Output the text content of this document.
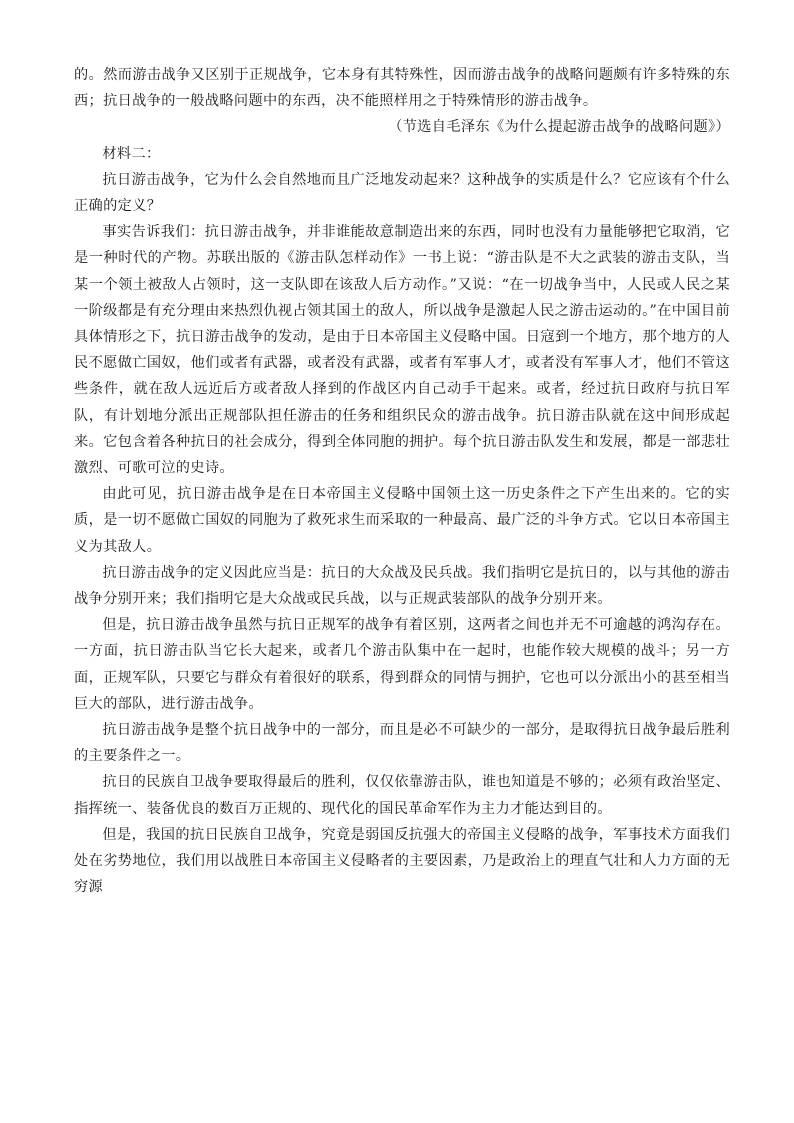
的。然而游击战争又区别于正规战争，它本身有其特殊性，因而游击战争的战略问题颇有许多特殊的东西；抗日战争的一般战略问题中的东西，决不能照样用之于特殊情形的游击战争。

（节选自毛泽东《为什么提起游击战争的战略问题》）

材料二：

抗日游击战争，它为什么会自然地而且广泛地发动起来？这种战争的实质是什么？它应该有个什么正确的定义？

事实告诉我们：抗日游击战争，并非谁能故意制造出来的东西，同时也没有力量能够把它取消，它是一种时代的产物。苏联出版的《游击队怎样动作》一书上说：“游击队是不大之武装的游击支队，当某一个领土被敌人占领时，这一支队即在该敌人后方动作。”又说：“在一切战争当中，人民或人民之某一阶级都是有充分理由来热烈仇视占领其国土的敌人，所以战争是激起人民之游击运动的。”在中国目前具体情形之下，抗日游击战争的发动，是由于日本帝国主义侵略中国。日寇到一个地方，那个地方的人民不愿做亡国奴，他们或者有武器，或者没有武器，或者有军事人才，或者没有军事人才，他们不管这些条件，就在敌人远近后方或者敌人择到的作战区内自己动手干起来。或者，经过抗日政府与抗日军队，有计划地分派出正规部队担任游击的任务和组织民众的游击战争。抗日游击队就在这中间形成起来。它包含着各种抗日的社会成分，得到全体同胞的拥护。每个抗日游击队发生和发展，都是一部悲壮激烈、可歌可泣的史诗。

由此可见，抗日游击战争是在日本帝国主义侵略中国领土这一历史条件之下产生出来的。它的实质，是一切不愿做亡国奴的同胞为了救死求生而采取的一种最高、最广泛的斗争方式。它以日本帝国主义为其敌人。

抗日游击战争的定义因此应当是：抗日的大众战及民兵战。我们指明它是抗日的，以与其他的游击战争分别开来；我们指明它是大众战或民兵战，以与正规武装部队的战争分别开来。

但是，抗日游击战争虽然与抗日正规军的战争有着区别，这两者之间也并无不可逾越的鸿沟存在。一方面，抗日游击队当它长大起来，或者几个游击队集中在一起时，也能作较大规模的战斗；另一方面，正规军队，只要它与群众有着很好的联系，得到群众的同情与拥护，它也可以分派出小的甚至相当巨大的部队，进行游击战争。

抗日游击战争是整个抗日战争中的一部分，而且是必不可缺少的一部分，是取得抗日战争最后胜利的主要条件之一。

抗日的民族自卫战争要取得最后的胜利，仅仅依靠游击队，谁也知道是不够的；必须有政治坚定、指挥统一、装备优良的数百万正规的、现代化的国民革命军作为主力才能达到目的。

但是，我国的抗日民族自卫战争，究竟是弱国反抗强大的帝国主义侵略的战争，军事技术方面我们处在劣势地位，我们用以战胜日本帝国主义侵略者的主要因素，乃是政治上的理直气壮和人力方面的无穷源
